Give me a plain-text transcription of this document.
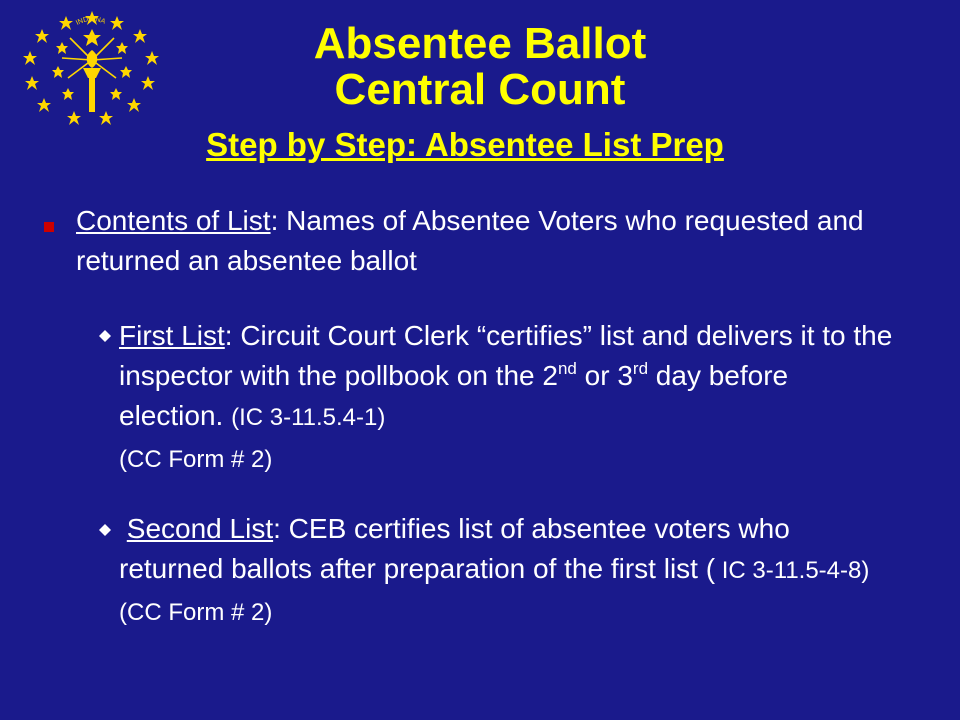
INDIANA	Absentee Ballot
Central Count
Step by Step: Absentee List Prep
Contents of List: Names of Absentee Voters who requested and returned an absentee ballot
First List: Circuit Court Clerk “certifies” list and delivers it to the inspector with the pollbook on the 2nd or 3rd day before election. (IC 3-11.5.4-1)
(CC Form # 2)
Second List: CEB certifies list of absentee voters who returned ballots after preparation of the first list ( IC 3-11.5-4-8) (CC Form # 2)
